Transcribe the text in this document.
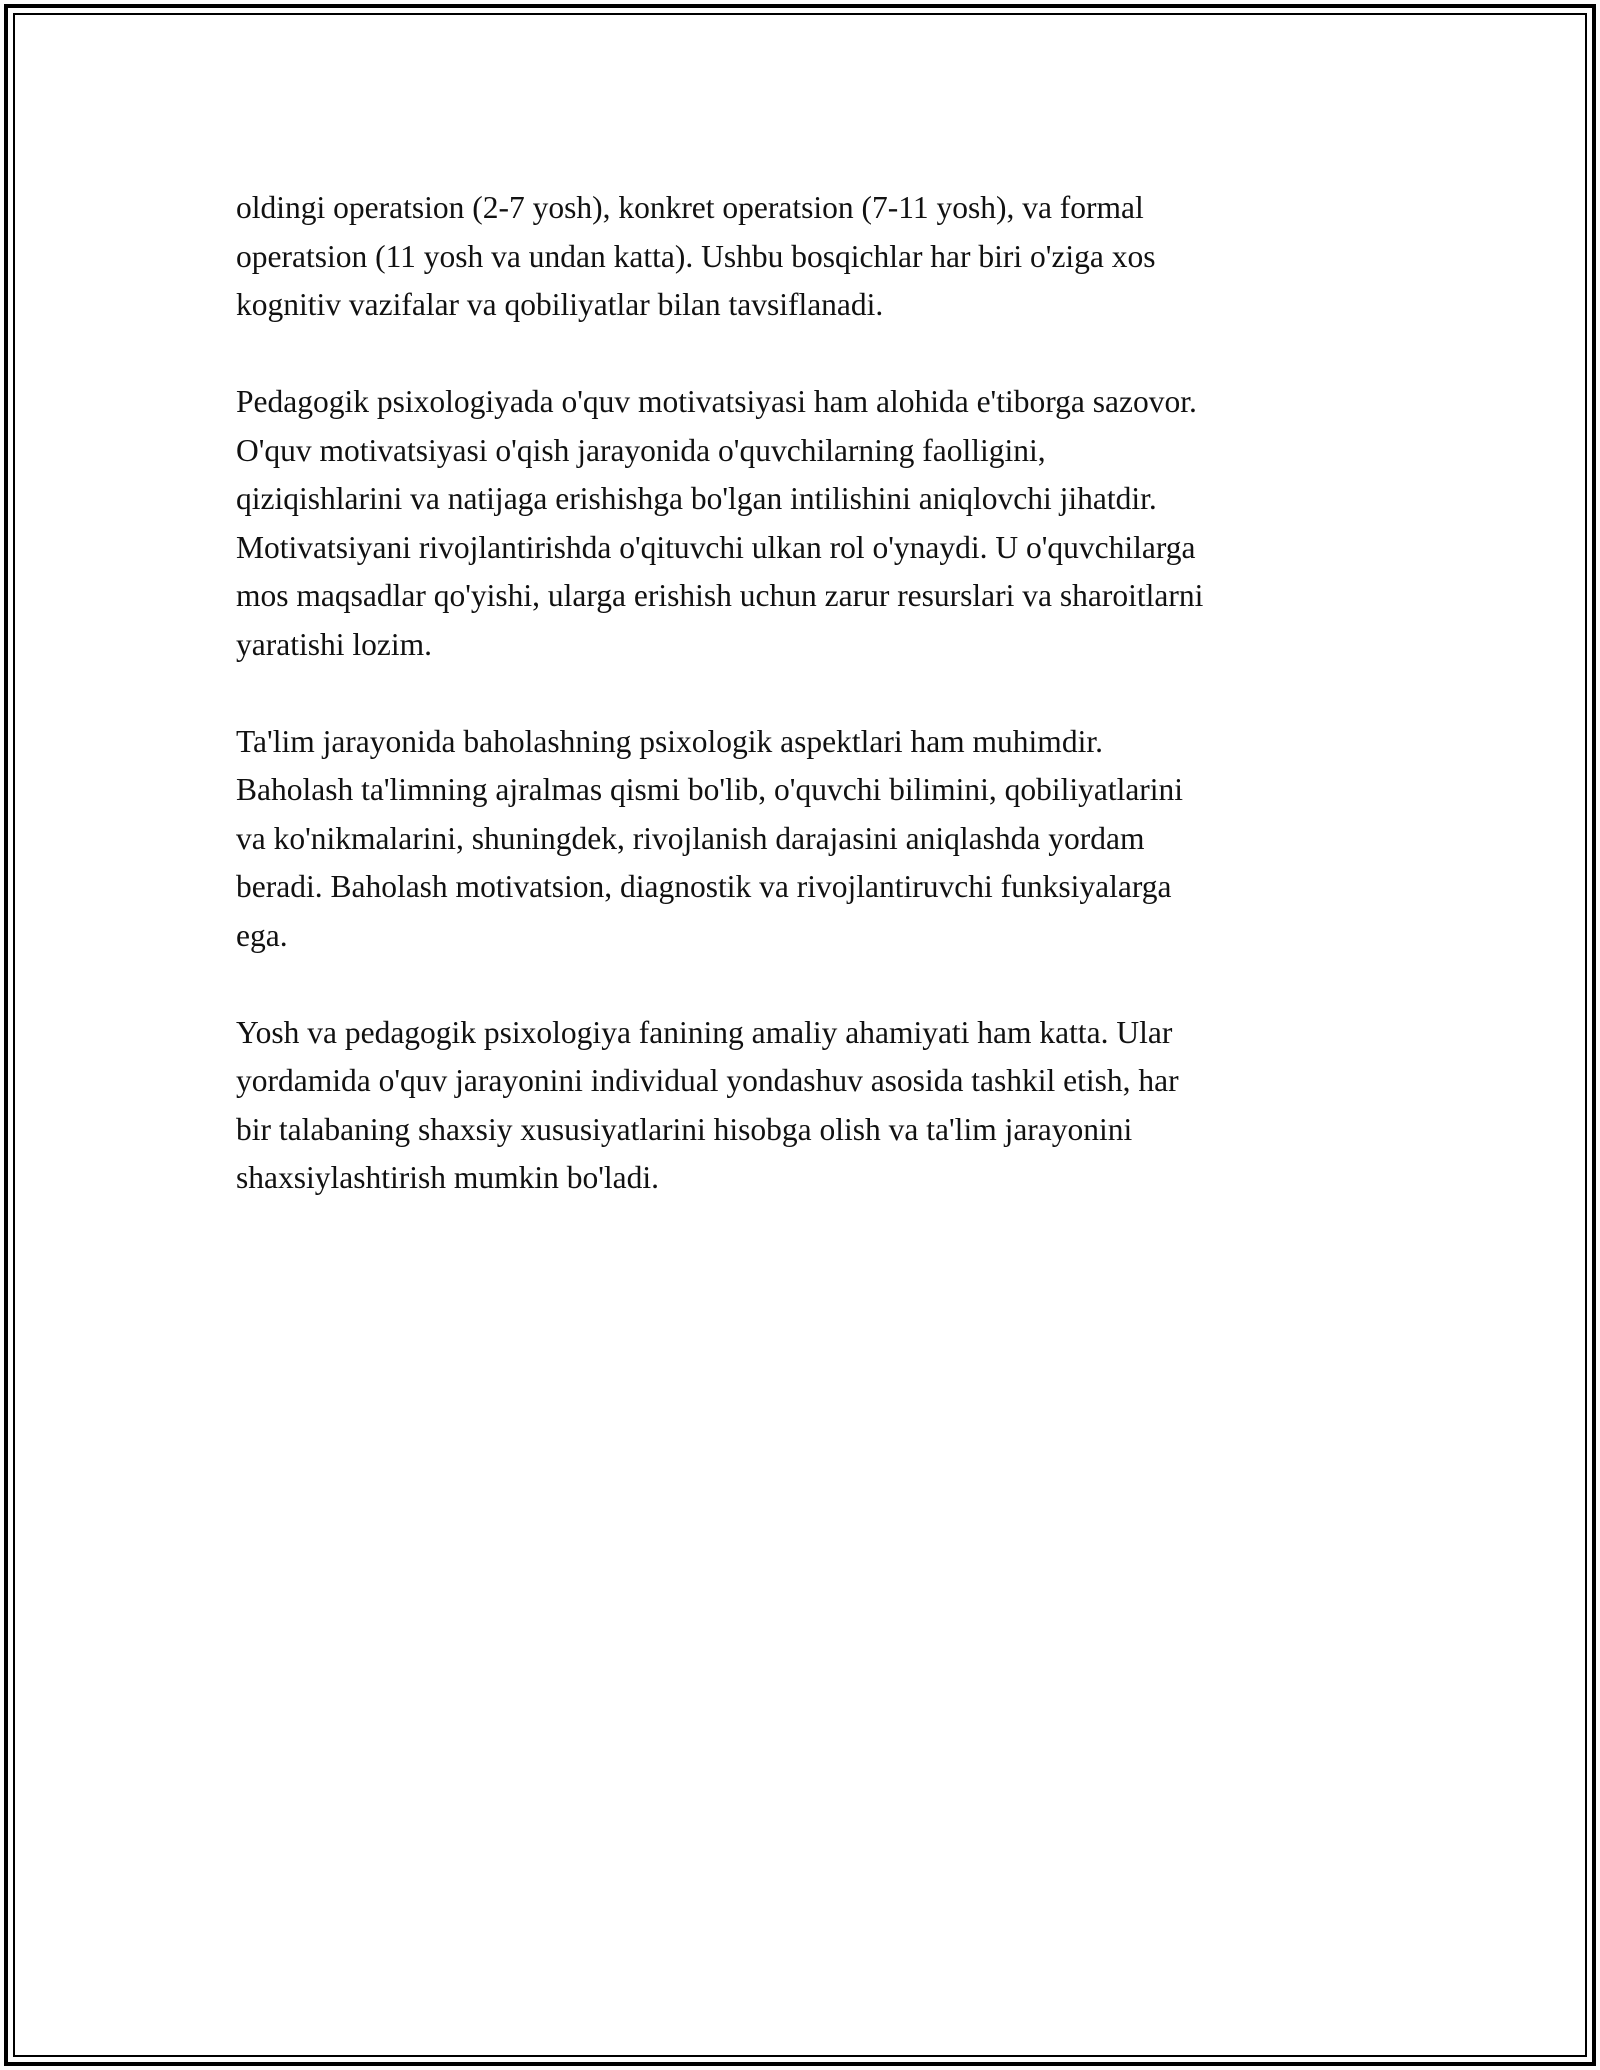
oldingi operatsion (2-7 yosh), konkret operatsion (7-11 yosh), va formal
operatsion (11 yosh va undan katta). Ushbu bosqichlar har biri o'ziga xos
kognitiv vazifalar va qobiliyatlar bilan tavsiflanadi.

Pedagogik psixologiyada o'quv motivatsiyasi ham alohida e'tiborga sazovor.
O'quv motivatsiyasi o'qish jarayonida o'quvchilarning faolligini,
qiziqishlarini va natijaga erishishga bo'lgan intilishini aniqlovchi jihatdir.
Motivatsiyani rivojlantirishda o'qituvchi ulkan rol o'ynaydi. U o'quvchilarga
mos maqsadlar qo'yishi, ularga erishish uchun zarur resurslari va sharoitlarni
yaratishi lozim.

Ta'lim jarayonida baholashning psixologik aspektlari ham muhimdir.
Baholash ta'limning ajralmas qismi bo'lib, o'quvchi bilimini, qobiliyatlarini
va ko'nikmalarini, shuningdek, rivojlanish darajasini aniqlashda yordam
beradi. Baholash motivatsion, diagnostik va rivojlantiruvchi funksiyalarga
ega.

Yosh va pedagogik psixologiya fanining amaliy ahamiyati ham katta. Ular
yordamida o'quv jarayonini individual yondashuv asosida tashkil etish, har
bir talabaning shaxsiy xususiyatlarini hisobga olish va ta'lim jarayonini
shaxsiylashtirish mumkin bo'ladi.
